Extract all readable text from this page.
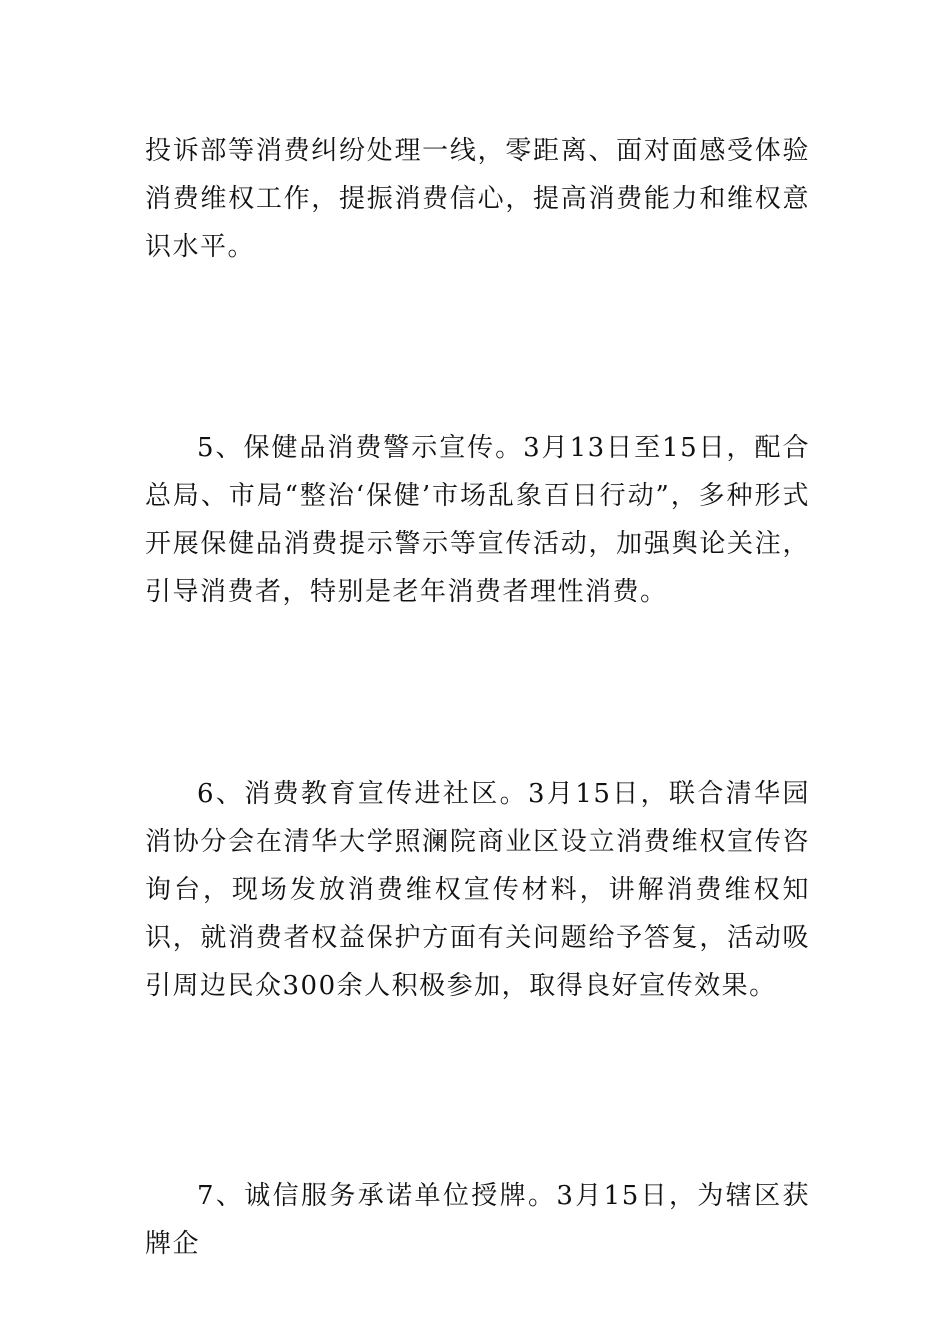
投诉部等消费纠纷处理一线，零距离、面对面感受体验消费维权工作，提振消费信心，提高消费能力和维权意识水平。

5、保健品消费警示宣传。3月13日至15日，配合总局、市局“整治‘保健’市场乱象百日行动”，多种形式开展保健品消费提示警示等宣传活动，加强舆论关注，引导消费者，特别是老年消费者理性消费。

6、消费教育宣传进社区。3月15日，联合清华园消协分会在清华大学照澜院商业区设立消费维权宣传咨询台，现场发放消费维权宣传材料，讲解消费维权知识，就消费者权益保护方面有关问题给予答复，活动吸引周边民众300余人积极参加，取得良好宣传效果。

7、诚信服务承诺单位授牌。3月15日，为辖区获牌企
